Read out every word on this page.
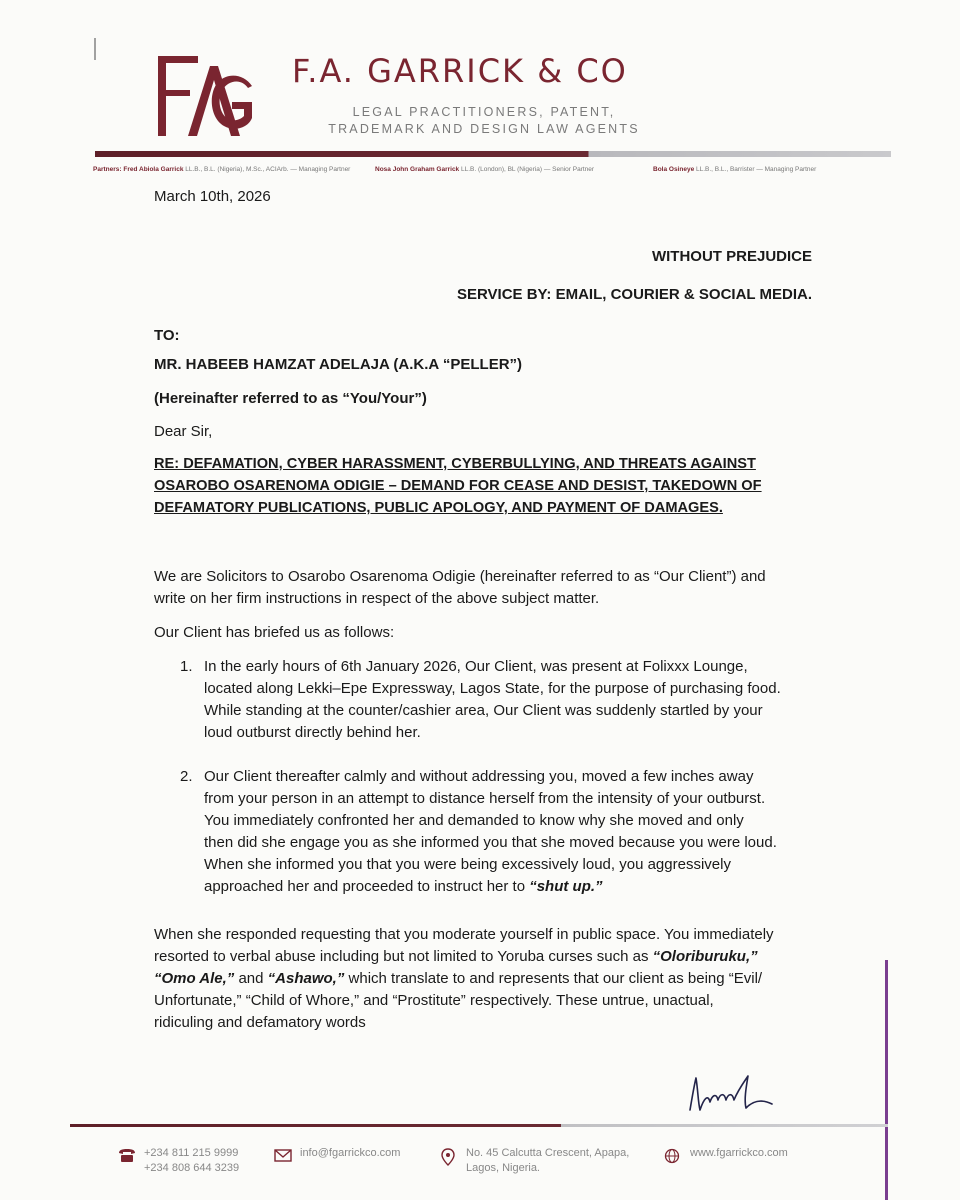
F.A. GARRICK & CO
LEGAL PRACTITIONERS, PATENT,
TRADEMARK AND DESIGN LAW AGENTS
Partners: Fred Abiola Garrick LL.B., B.L. (Nigeria), M.Sc., ACIArb. — Managing Partner	Nosa John Graham Garrick LL.B. (London), BL (Nigeria) — Senior Partner	Bola Osineye LL.B., B.L., Barrister — Managing Partner
March 10th, 2026
WITHOUT PREJUDICE
SERVICE BY: EMAIL, COURIER & SOCIAL MEDIA.
TO:
MR. HABEEB HAMZAT ADELAJA (A.K.A “PELLER”)
(Hereinafter referred to as “You/Your”)
Dear Sir,
RE: DEFAMATION, CYBER HARASSMENT, CYBERBULLYING, AND THREATS AGAINST
OSAROBO OSARENOMA ODIGIE – DEMAND FOR CEASE AND DESIST, TAKEDOWN OF
DEFAMATORY PUBLICATIONS, PUBLIC APOLOGY, AND PAYMENT OF DAMAGES.
We are Solicitors to Osarobo Osarenoma Odigie (hereinafter referred to as “Our Client”) and
write on her firm instructions in respect of the above subject matter.
Our Client has briefed us as follows:
1. In the early hours of 6th January 2026, Our Client, was present at Folixxx Lounge,
located along Lekki–Epe Expressway, Lagos State, for the purpose of purchasing food.
While standing at the counter/cashier area, Our Client was suddenly startled by your
loud outburst directly behind her.
2. Our Client thereafter calmly and without addressing you, moved a few inches away
from your person in an attempt to distance herself from the intensity of your outburst.
You immediately confronted her and demanded to know why she moved and only
then did she engage you as she informed you that she moved because you were loud.
When she informed you that you were being excessively loud, you aggressively
approached her and proceeded to instruct her to “shut up.”
When she responded requesting that you moderate yourself in public space. You immediately
resorted to verbal abuse including but not limited to Yoruba curses such as “Oloriburuku,”
“Omo Ale,” and “Ashawo,” which translate to and represents that our client as being “Evil/
Unfortunate,” “Child of Whore,” and “Prostitute” respectively. These untrue, unactual,
ridiculing and defamatory words
+234 811 215 9999
+234 808 644 3239
info@fgarrickco.com	No. 45 Calcutta Crescent, Apapa,
Lagos, Nigeria.
www.fgarrickco.com
